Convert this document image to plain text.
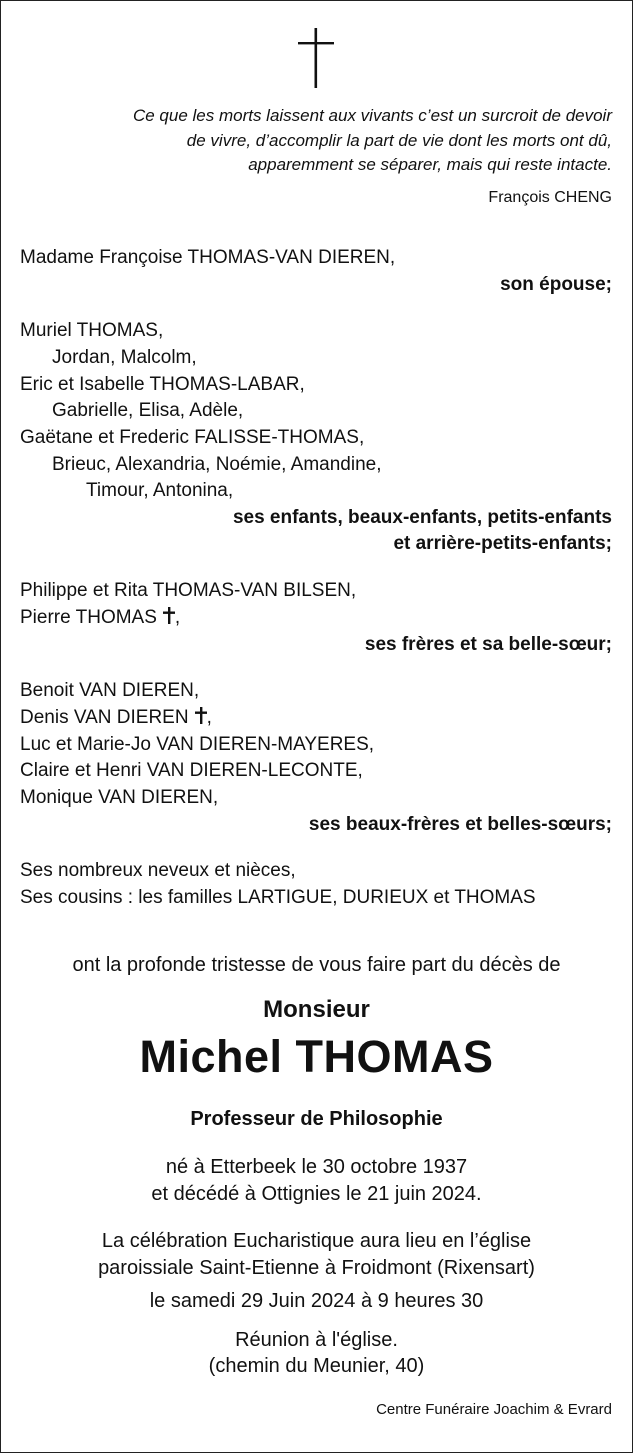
Ce que les morts laissent aux vivants c’est un surcroit de devoir
de vivre, d’accomplir la part de vie dont les morts ont dû,
apparemment se séparer, mais qui reste intacte.
François CHENG
Madame Françoise THOMAS-VAN DIEREN,
son épouse;
Muriel THOMAS,
Jordan, Malcolm,
Eric et Isabelle THOMAS-LABAR,
Gabrielle, Elisa, Adèle,
Gaëtane et Frederic FALISSE-THOMAS,
Brieuc, Alexandria, Noémie, Amandine,
Timour, Antonina,
ses enfants, beaux-enfants, petits-enfants
et arrière-petits-enfants;
Philippe et Rita THOMAS-VAN BILSEN,
Pierre THOMAS ,
ses frères et sa belle-sœur;
Benoit VAN DIEREN,
Denis VAN DIEREN ,
Luc et Marie-Jo VAN DIEREN-MAYERES,
Claire et Henri VAN DIEREN-LECONTE,
Monique VAN DIEREN,
ses beaux-frères et belles-sœurs;
Ses nombreux neveux et nièces,
Ses cousins : les familles LARTIGUE, DURIEUX et THOMAS
ont la profonde tristesse de vous faire part du décès de
Monsieur
Michel THOMAS
Professeur de Philosophie
né à Etterbeek le 30 octobre 1937
et décédé à Ottignies le 21 juin 2024.
La célébration Eucharistique aura lieu en l’église
paroissiale Saint-Etienne à Froidmont (Rixensart)
le samedi 29 Juin 2024 à 9 heures 30
Réunion à l'église.
(chemin du Meunier, 40)
Centre Funéraire Joachim & Evrard
